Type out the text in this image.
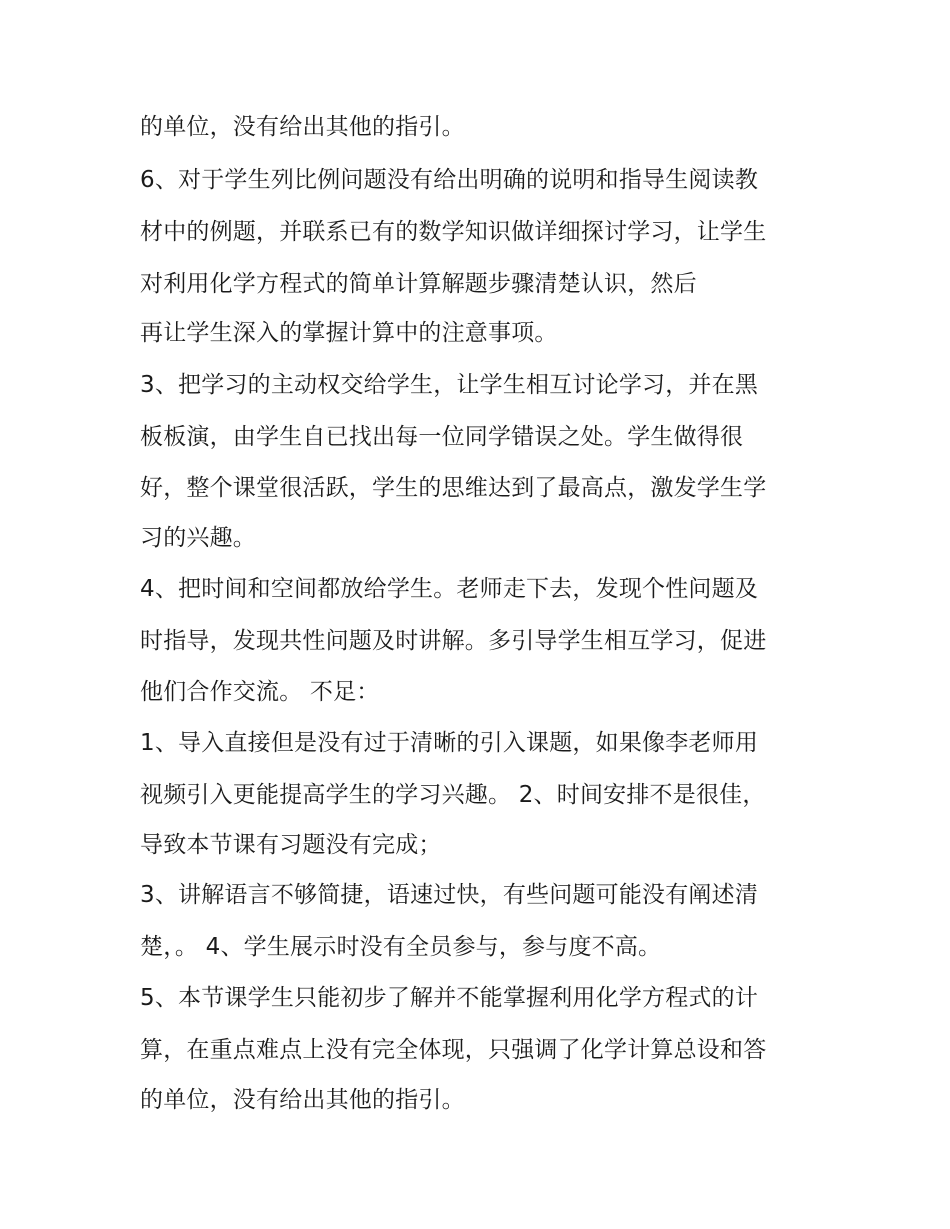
的单位，没有给出其他的指引。
6、对于学生列比例问题没有给出明确的说明和指导生阅读教
材中的例题，并联系已有的数学知识做详细探讨学习，让学生
对利用化学方程式的简单计算解题步骤清楚认识，然后
再让学生深入的掌握计算中的注意事项。
3、把学习的主动权交给学生，让学生相互讨论学习，并在黑
板板演，由学生自已找出每一位同学错误之处。学生做得很
好，整个课堂很活跃，学生的思维达到了最高点，激发学生学
习的兴趣。
4、把时间和空间都放给学生。老师走下去，发现个性问题及
时指导，发现共性问题及时讲解。多引导学生相互学习，促进
他们合作交流。 不足：
1、导入直接但是没有过于清晰的引入课题，如果像李老师用
视频引入更能提高学生的学习兴趣。 2、时间安排不是很佳，
导致本节课有习题没有完成；
3、讲解语言不够简捷，语速过快，有些问题可能没有阐述清
楚，。 4、学生展示时没有全员参与，参与度不高。
5、本节课学生只能初步了解并不能掌握利用化学方程式的计
算，在重点难点上没有完全体现，只强调了化学计算总设和答
的单位，没有给出其他的指引。
